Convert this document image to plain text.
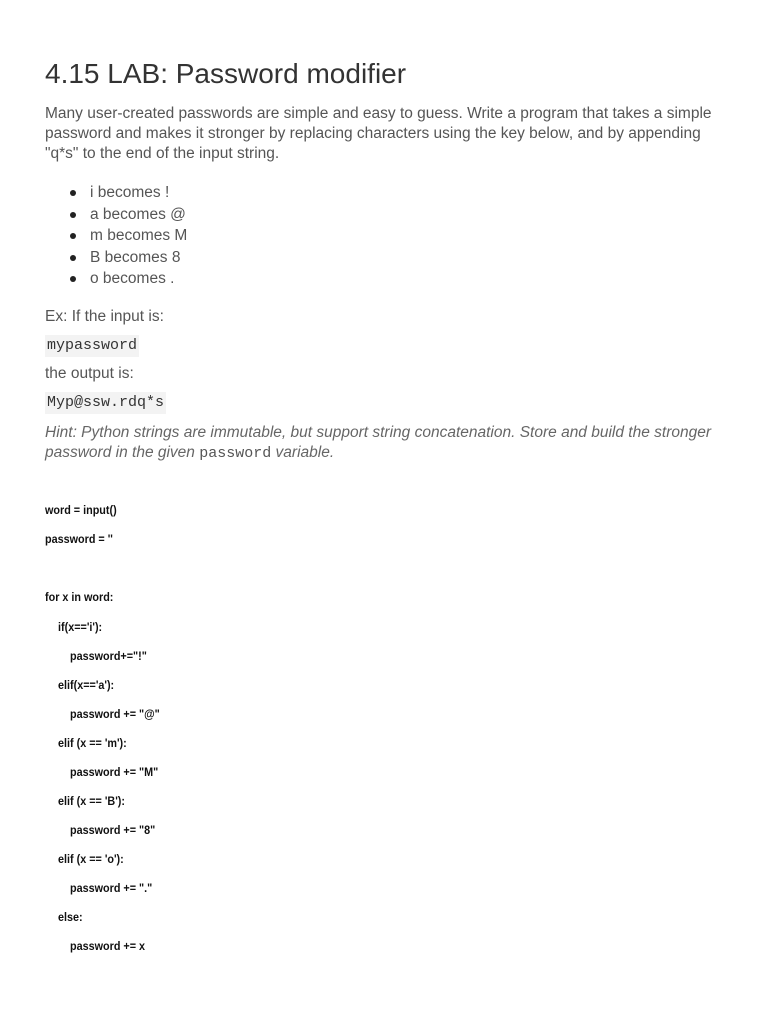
4.15 LAB: Password modifier

Many user-created passwords are simple and easy to guess. Write a program that takes a simple password and makes it stronger by replacing characters using the key below, and by appending "q*s" to the end of the input string.

i becomes !
a becomes @
m becomes M
B becomes 8
o becomes .

Ex: If the input is:

mypassword

the output is:

Myp@ssw.rdq*s

Hint: Python strings are immutable, but support string concatenation. Store and build the stronger password in the given password variable.

word = input()
password = ''
for x in word:
if(x=='i'):
password+="!"
elif(x=='a'):
password += "@"
elif (x == 'm'):
password += "M"
elif (x == 'B'):
password += "8"
elif (x == 'o'):
password += "."
else:
password += x
